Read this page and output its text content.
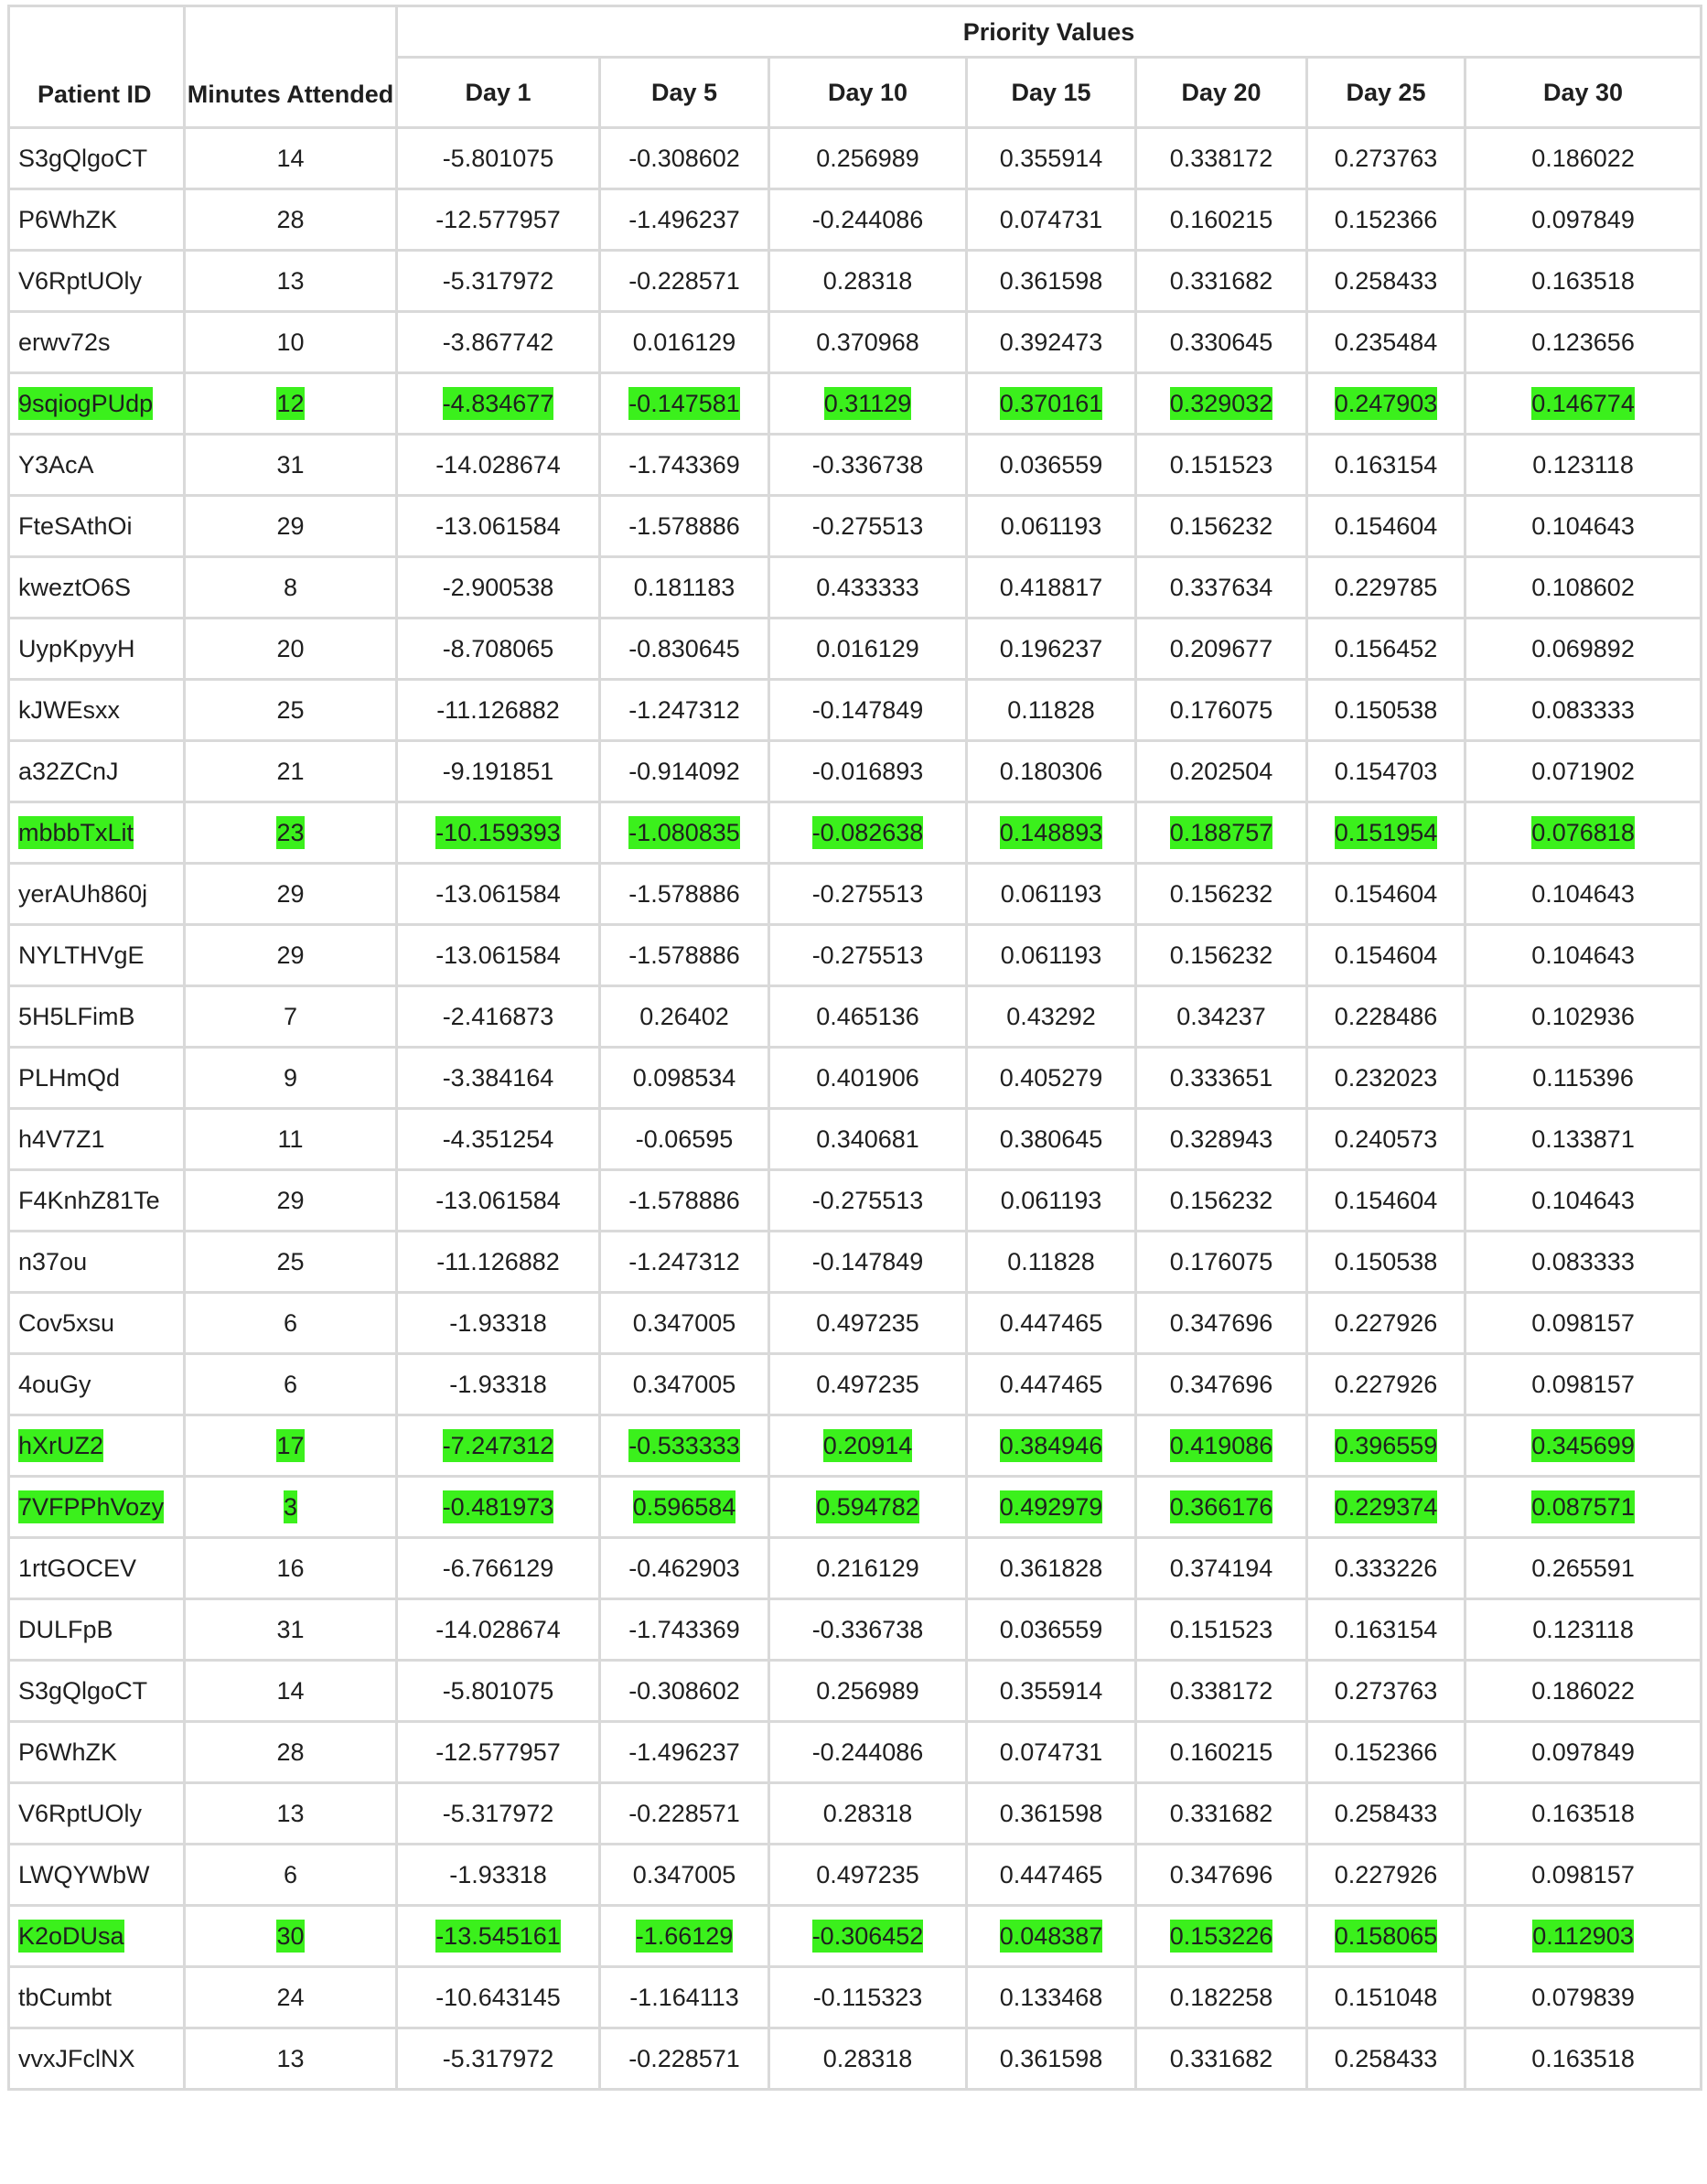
Patient ID	Minutes Attended	Priority Values						
		Day 1	Day 5	Day 10	Day 15	Day 20	Day 25	Day 30
S3gQlgoCT	14	-5.801075	-0.308602	0.256989	0.355914	0.338172	0.273763	0.186022
P6WhZK	28	-12.577957	-1.496237	-0.244086	0.074731	0.160215	0.152366	0.097849
V6RptUOly	13	-5.317972	-0.228571	0.28318	0.361598	0.331682	0.258433	0.163518
erwv72s	10	-3.867742	0.016129	0.370968	0.392473	0.330645	0.235484	0.123656
9sqiogPUdp	12	-4.834677	-0.147581	0.31129	0.370161	0.329032	0.247903	0.146774
Y3AcA	31	-14.028674	-1.743369	-0.336738	0.036559	0.151523	0.163154	0.123118
FteSAthOi	29	-13.061584	-1.578886	-0.275513	0.061193	0.156232	0.154604	0.104643
kweztO6S	8	-2.900538	0.181183	0.433333	0.418817	0.337634	0.229785	0.108602
UypKpyyH	20	-8.708065	-0.830645	0.016129	0.196237	0.209677	0.156452	0.069892
kJWEsxx	25	-11.126882	-1.247312	-0.147849	0.11828	0.176075	0.150538	0.083333
a32ZCnJ	21	-9.191851	-0.914092	-0.016893	0.180306	0.202504	0.154703	0.071902
mbbbTxLit	23	-10.159393	-1.080835	-0.082638	0.148893	0.188757	0.151954	0.076818
yerAUh860j	29	-13.061584	-1.578886	-0.275513	0.061193	0.156232	0.154604	0.104643
NYLTHVgE	29	-13.061584	-1.578886	-0.275513	0.061193	0.156232	0.154604	0.104643
5H5LFimB	7	-2.416873	0.26402	0.465136	0.43292	0.34237	0.228486	0.102936
PLHmQd	9	-3.384164	0.098534	0.401906	0.405279	0.333651	0.232023	0.115396
h4V7Z1	11	-4.351254	-0.06595	0.340681	0.380645	0.328943	0.240573	0.133871
F4KnhZ81Te	29	-13.061584	-1.578886	-0.275513	0.061193	0.156232	0.154604	0.104643
n37ou	25	-11.126882	-1.247312	-0.147849	0.11828	0.176075	0.150538	0.083333
Cov5xsu	6	-1.93318	0.347005	0.497235	0.447465	0.347696	0.227926	0.098157
4ouGy	6	-1.93318	0.347005	0.497235	0.447465	0.347696	0.227926	0.098157
hXrUZ2	17	-7.247312	-0.533333	0.20914	0.384946	0.419086	0.396559	0.345699
7VFPPhVozy	3	-0.481973	0.596584	0.594782	0.492979	0.366176	0.229374	0.087571
1rtGOCEV	16	-6.766129	-0.462903	0.216129	0.361828	0.374194	0.333226	0.265591
DULFpB	31	-14.028674	-1.743369	-0.336738	0.036559	0.151523	0.163154	0.123118
S3gQlgoCT	14	-5.801075	-0.308602	0.256989	0.355914	0.338172	0.273763	0.186022
P6WhZK	28	-12.577957	-1.496237	-0.244086	0.074731	0.160215	0.152366	0.097849
V6RptUOly	13	-5.317972	-0.228571	0.28318	0.361598	0.331682	0.258433	0.163518
LWQYWbW	6	-1.93318	0.347005	0.497235	0.447465	0.347696	0.227926	0.098157
K2oDUsa	30	-13.545161	-1.66129	-0.306452	0.048387	0.153226	0.158065	0.112903
tbCumbt	24	-10.643145	-1.164113	-0.115323	0.133468	0.182258	0.151048	0.079839
vvxJFclNX	13	-5.317972	-0.228571	0.28318	0.361598	0.331682	0.258433	0.163518
